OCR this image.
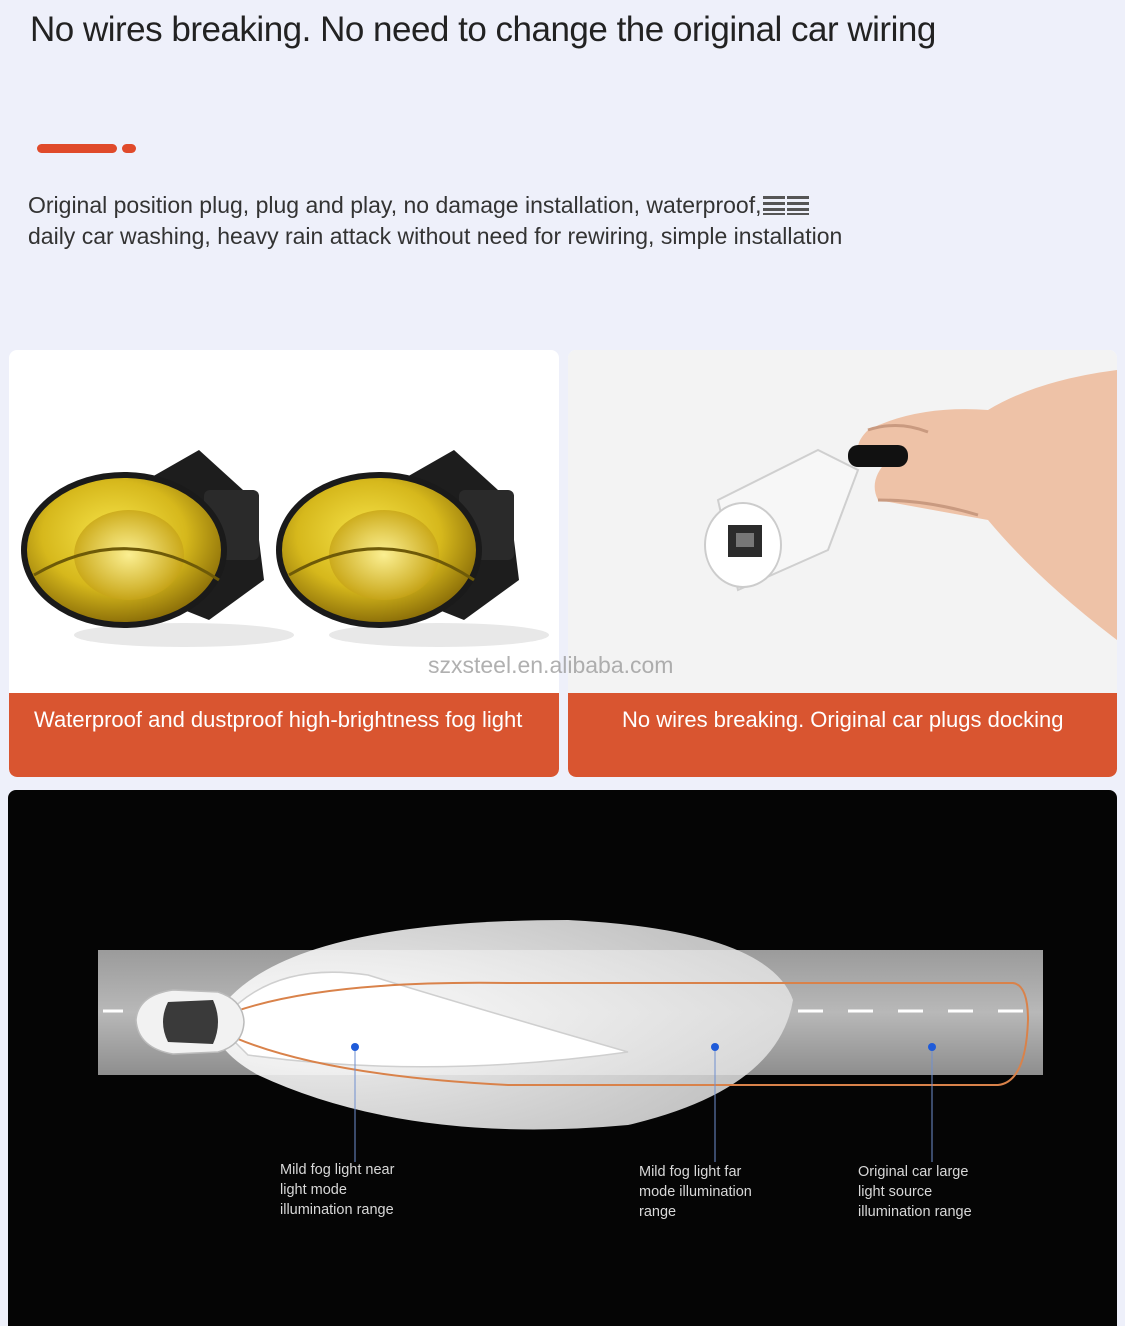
No wires breaking. No need to change the original car wiring
Original position plug, plug and play, no damage installation, waterproof,daily car washing, heavy rain attack without need for rewiring, simple installation
Waterproof and dustproof high-brightness fog light	No wires breaking. Original car plugs docking
szxsteel.en.alibaba.com
Mild fog light near light mode illumination range
Mild fog light far mode illumination range
Original car large light source illumination range
